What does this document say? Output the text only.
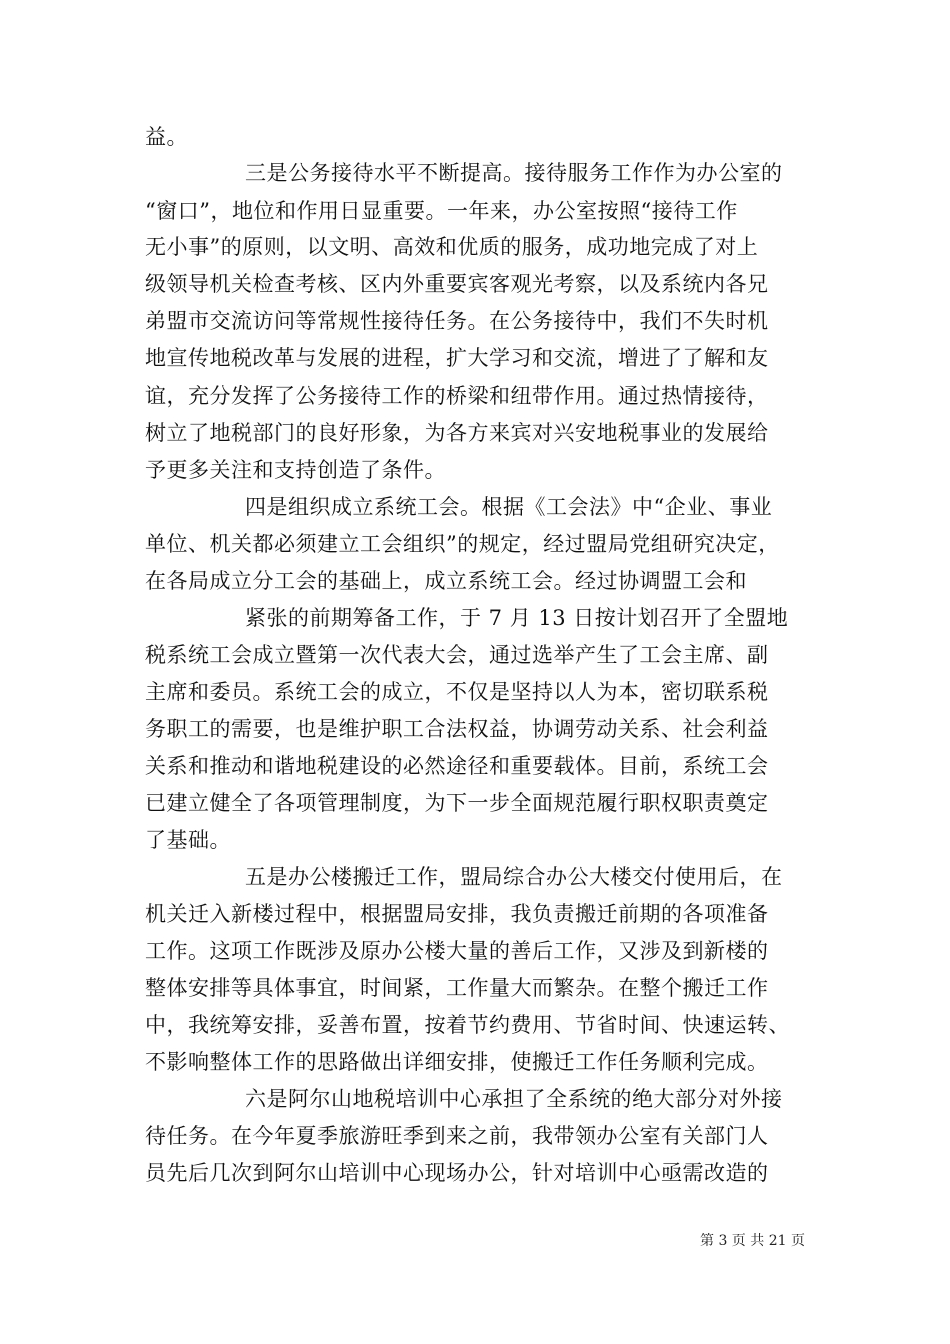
益。
三是公务接待水平不断提高。接待服务工作作为办公室的
“窗口”，地位和作用日显重要。一年来，办公室按照“接待工作
无小事”的原则，以文明、高效和优质的服务，成功地完成了对上
级领导机关检查考核、区内外重要宾客观光考察，以及系统内各兄
弟盟市交流访问等常规性接待任务。在公务接待中，我们不失时机
地宣传地税改革与发展的进程，扩大学习和交流，增进了了解和友
谊，充分发挥了公务接待工作的桥梁和纽带作用。通过热情接待，
树立了地税部门的良好形象，为各方来宾对兴安地税事业的发展给
予更多关注和支持创造了条件。
四是组织成立系统工会。根据《工会法》中“企业、事业
单位、机关都必须建立工会组织”的规定，经过盟局党组研究决定，
在各局成立分工会的基础上，成立系统工会。经过协调盟工会和
紧张的前期筹备工作，于 7 月 13 日按计划召开了全盟地
税系统工会成立暨第一次代表大会，通过选举产生了工会主席、副
主席和委员。系统工会的成立，不仅是坚持以人为本，密切联系税
务职工的需要，也是维护职工合法权益，协调劳动关系、社会利益
关系和推动和谐地税建设的必然途径和重要载体。目前，系统工会
已建立健全了各项管理制度，为下一步全面规范履行职权职责奠定
了基础。
五是办公楼搬迁工作，盟局综合办公大楼交付使用后，在
机关迁入新楼过程中，根据盟局安排，我负责搬迁前期的各项准备
工作。这项工作既涉及原办公楼大量的善后工作，又涉及到新楼的
整体安排等具体事宜，时间紧，工作量大而繁杂。在整个搬迁工作
中，我统筹安排，妥善布置，按着节约费用、节省时间、快速运转、
不影响整体工作的思路做出详细安排，使搬迁工作任务顺利完成。
六是阿尔山地税培训中心承担了全系统的绝大部分对外接
待任务。在今年夏季旅游旺季到来之前，我带领办公室有关部门人
员先后几次到阿尔山培训中心现场办公，针对培训中心亟需改造的
第 3 页 共 21 页
